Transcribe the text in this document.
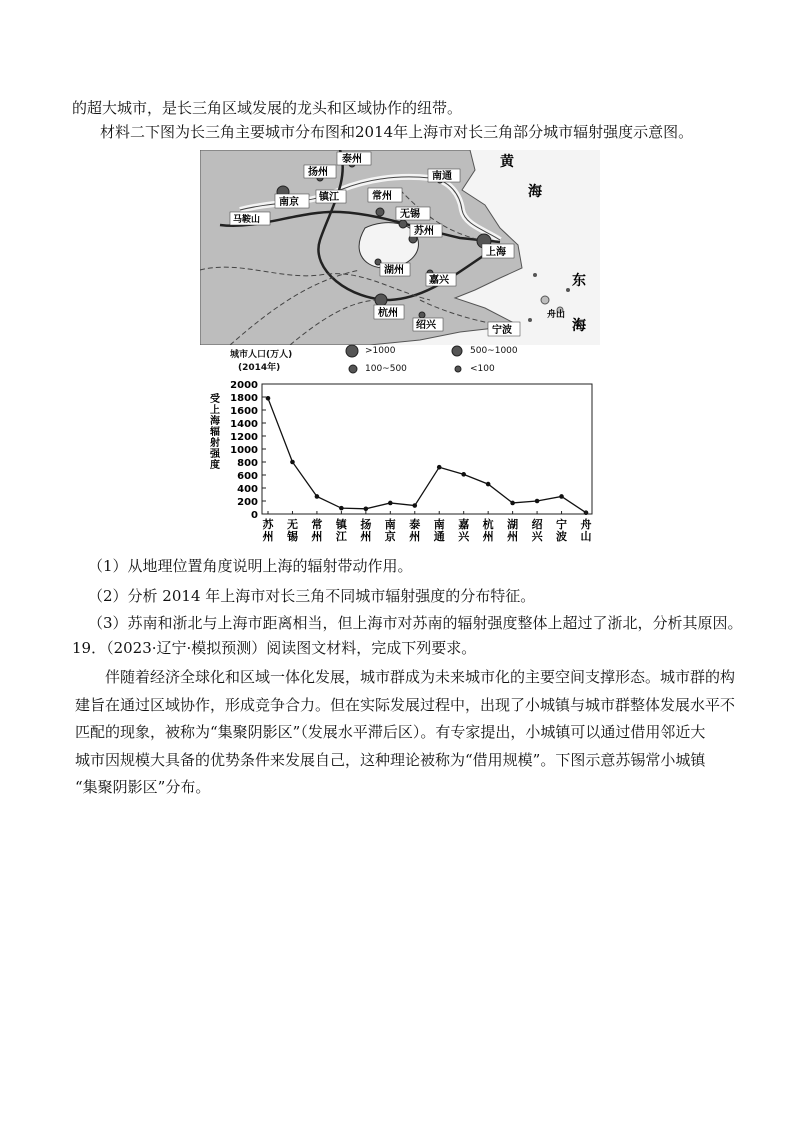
的超大城市，是长三角区域发展的龙头和区域协作的纽带。
材料二下图为长三角主要城市分布图和2014年上海市对长三角部分城市辐射强度示意图。
泰州
扬州	南通
南京 镇江	常州
无锡
苏州
上海
马鞍山
湖州
嘉兴
杭州
绍兴	宁波
舟山
黄
海
东
海
城市人口(万人)
(2014年)
>1000	500~1000
100~500	<100
0
200
400
600
800
1000
1200
1400
1600
1800
2000
受
上
海
辐
射
强
度
苏
州
无
锡
常
州
镇
江
扬
州
南
京
泰
州
南
通
嘉
兴
杭
州
湖
州
绍
兴
宁
波
舟
山
（1）从地理位置角度说明上海的辐射带动作用。
（2）分析 2014 年上海市对长三角不同城市辐射强度的分布特征。
（3）苏南和浙北与上海市距离相当，但上海市对苏南的辐射强度整体上超过了浙北，分析其原因。
19．（2023·辽宁·模拟预测）阅读图文材料，完成下列要求。
　　伴随着经济全球化和区域一体化发展，城市群成为未来城市化的主要空间支撑形态。城市群的构
建旨在通过区域协作，形成竞争合力。但在实际发展过程中，出现了小城镇与城市群整体发展水平不
匹配的现象，被称为“集聚阴影区”（发展水平滞后区）。有专家提出，小城镇可以通过借用邻近大
城市因规模大具备的优势条件来发展自己，这种理论被称为“借用规模”。下图示意苏锡常小城镇
“集聚阴影区”分布。
